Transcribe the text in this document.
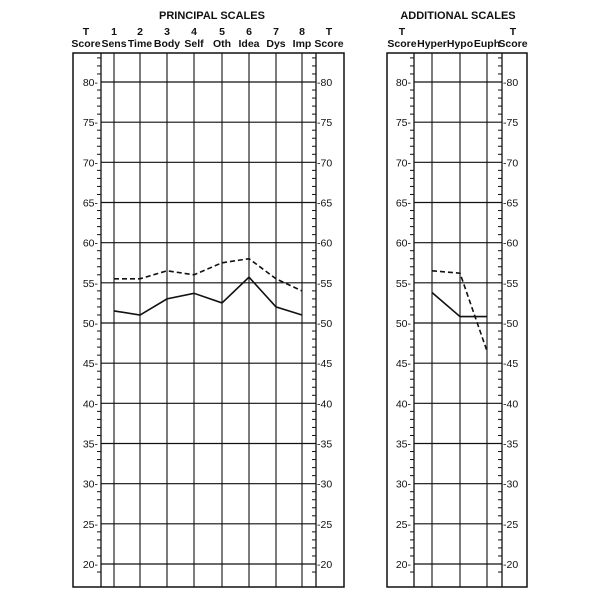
PRINCIPAL SCALES
T
Score
T
Score
1
Sens
2
Time
3
Body
4
Self
5
Oth
6
Idea
7
Dys
8
Imp
80-	-80
75-	-75
70-	-70
65-	-65
60-	-60
55-	-55
50-	-50
45-	-45
40-	-40
35-	-35
30-	-30
25-	-25
20-	-20
ADDITIONAL SCALES
T
Score
T
Score
Hyper Hypo Euph
80-	-80
75-	-75
70-	-70
65-	-65
60-	-60
55-	-55
50-	-50
45-	-45
40-	-40
35-	-35
30-	-30
25-	-25
20-	-20
